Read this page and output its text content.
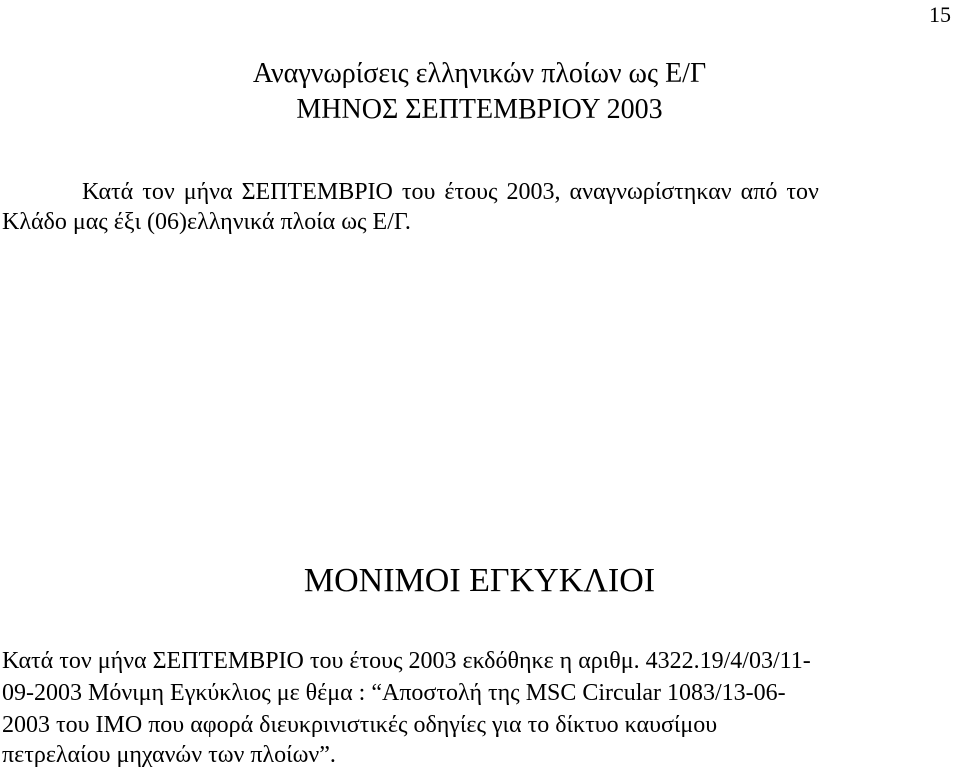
15
Αναγνωρίσεις ελληνικών πλοίων ως Ε/Γ
ΜΗΝΟΣ ΣΕΠΤΕΜΒΡΙΟΥ 2003
Κατά τον μήνα ΣΕΠΤΕΜΒΡΙΟ του έτους 2003, αναγνωρίστηκαν από τον
Κλάδο μας έξι (06)ελληνικά πλοία ως Ε/Γ.
ΜΟΝΙΜΟΙ ΕΓΚΥΚΛΙΟΙ
Κατά τον μήνα ΣΕΠΤΕΜΒΡΙΟ του έτους 2003 εκδόθηκε η αριθμ. 4322.19/4/03/11-
09-2003 Μόνιμη Εγκύκλιος με θέμα : “Αποστολή της MSC Circular 1083/13-06-
2003 του IMO που αφορά διευκρινιστικές οδηγίες για το δίκτυο καυσίμου
πετρελαίου μηχανών των πλοίων”.
